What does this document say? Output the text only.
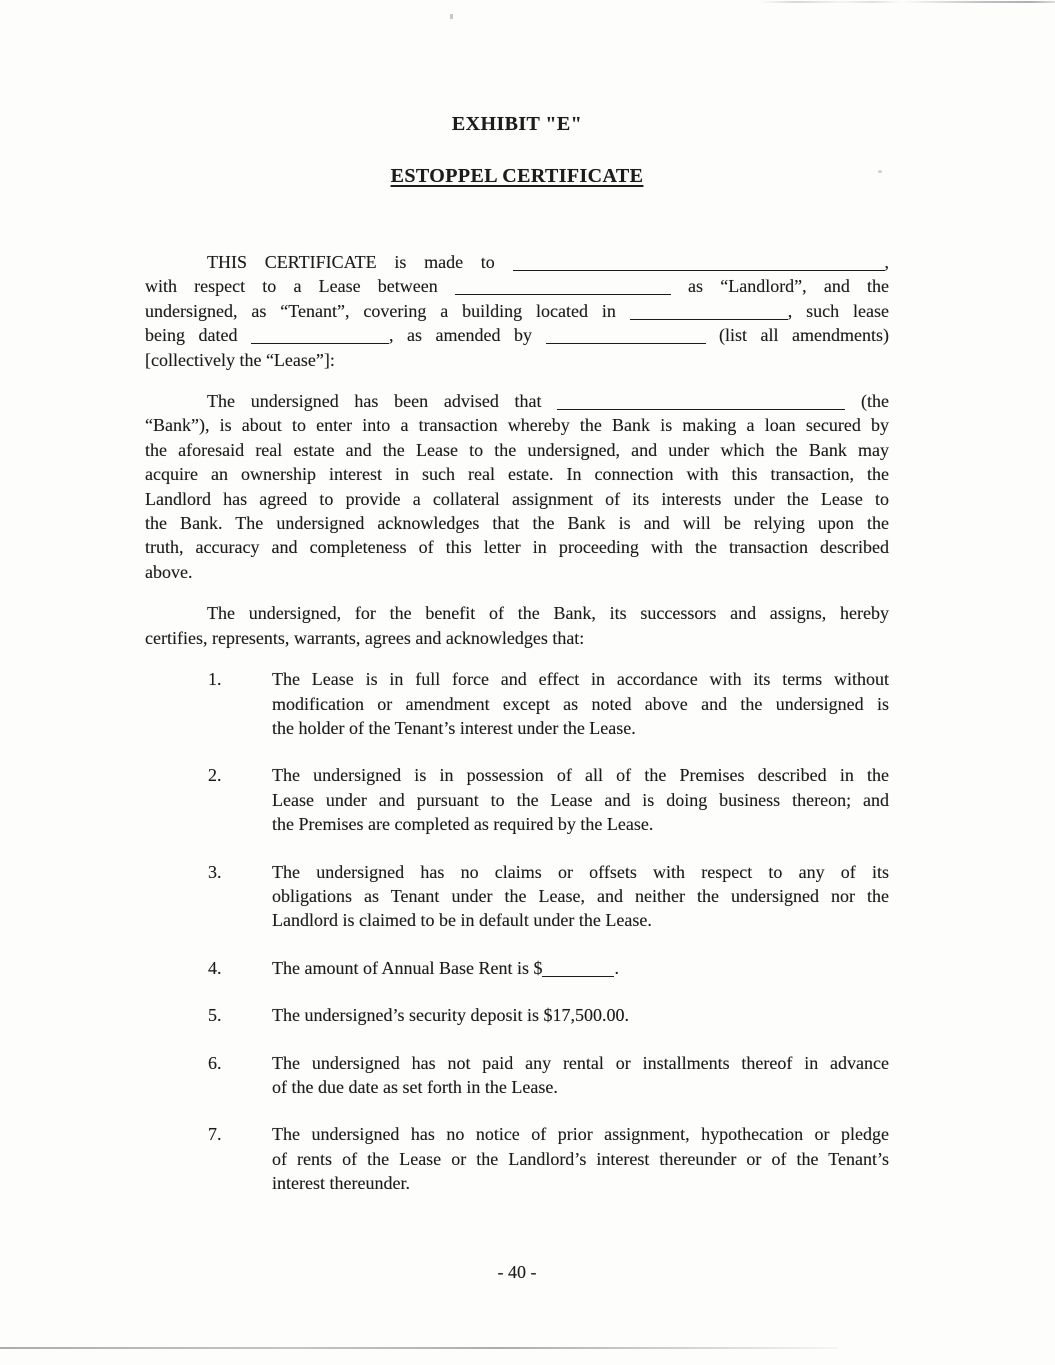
EXHIBIT "E"
ESTOPPEL CERTIFICATE
THIS CERTIFICATE is made to	,
with respect to a Lease between	as “Landlord”, and the
undersigned, as “Tenant”, covering a building located in	, such lease
being dated	, as amended by	(list all amendments)
[collectively the “Lease”]:
The undersigned has been advised that	(the
“Bank”), is about to enter into a transaction whereby the Bank is making a loan secured by
the aforesaid real estate and the Lease to the undersigned, and under which the Bank may
acquire an ownership interest in such real estate. In connection with this transaction, the
Landlord has agreed to provide a collateral assignment of its interests under the Lease to
the Bank. The undersigned acknowledges that the Bank is and will be relying upon the
truth, accuracy and completeness of this letter in proceeding with the transaction described
above.
The undersigned, for the benefit of the Bank, its successors and assigns, hereby
certifies, represents, warrants, agrees and acknowledges that:
1.	The Lease is in full force and effect in accordance with its terms without
modification or amendment except as noted above and the undersigned is
the holder of the Tenant’s interest under the Lease.
2.	The undersigned is in possession of all of the Premises described in the
Lease under and pursuant to the Lease and is doing business thereon; and
the Premises are completed as required by the Lease.
3.	The undersigned has no claims or offsets with respect to any of its
obligations as Tenant under the Lease, and neither the undersigned nor the
Landlord is claimed to be in default under the Lease.
4.	The amount of Annual Base Rent is $	.
5.	The undersigned’s security deposit is $17,500.00.
6.	The undersigned has not paid any rental or installments thereof in advance
of the due date as set forth in the Lease.
7.	The undersigned has no notice of prior assignment, hypothecation or pledge
of rents of the Lease or the Landlord’s interest thereunder or of the Tenant’s
interest thereunder.
- 40 -
